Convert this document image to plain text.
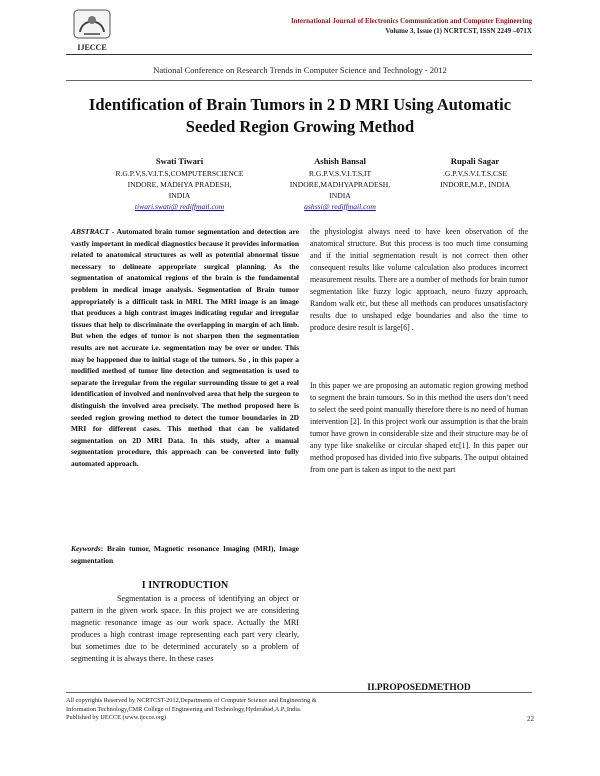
IJECCE
International Journal of Electronics Communication and Computer Engineering
Volume 3, Issue (1) NCRTCST, ISSN 2249 –071X
National Conference on Research Trends in Computer Science and Technology - 2012
Identification of Brain Tumors in 2 D MRI Using Automatic Seeded Region Growing Method
Swati Tiwari
R.G.P.V,S.V.I.T.S,COMPUTERSCIENCE
INDORE, MADHYA PRADESH,
INDIA
tiwari.swati@ rediffmail.com
Ashish Bansal
R.G.P.V,S.V.I.T.S,IT
INDORE,MADHYAPRADESH,
INDIA
ashssi@ rediffmail.com
Rupali Sagar
.G.P.V,S.V.I.T.S,CSE
INDORE,M.P., INDIA
ABSTRACT - Automated brain tumor segmentation and detection are vastly important in medical diagnostics because it provides information related to anatomical structures as well as potential abnormal tissue necessary to delineate appropriate surgical planning. As the segmentation of anatomical regions of the brain is the fundamental problem in medical image analysis. Segmentation of Brain tumor appropriately is a difficult task in MRI. The MRI image is an image that produces a high contrast images indicating regular and irregular tissues that help to discriminate the overlapping in margin of ach limb. But when the edges of tumor is not sharpen then the segmentation results are not accurate i.e. segmentation may be over or under. This may be happened due to initial stage of the tumors. So , in this paper a modified method of tumor line detection and segmentation is used to separate the irregular from the regular surrounding tissue to get a real identification of involved and noninvolved area that help the surgeon to distinguish the involved area precisely. The method proposed here is seeded region growing method to detect the tumor boundaries in 2D MRI for different cases. This method that can be validated segmentation on 2D MRI Data. In this study, after a manual segmentation procedure, this approach can be converted into fully automated approach.
Keywords: Brain tumor, Magnetic resonance Imaging (MRI), Image segmentation
I INTRODUCTION
Segmentation is a process of identifying an object or pattern in the given work space. In this project we are considering magnetic resonance image as our work space. Actually the MRI produces a high contrast image representing each part very clearly, but sometimes due to be determined accurately so a problem of segmenting it is always there. In these cases
the physiologist always need to have keen observation of the anatomical structure. But this process is too much time consuming and if the initial segmentation result is not correct then other consequent results like volume calculation also produces incorrect measurement results. There are a number of methods for brain tumor segmentation like fuzzy logic approach, neuro fuzzy approach, Random walk etc, but these all methods can produces unsatisfactory results due to unshaped edge boundaries and also the time to produce desire result is large[6] .
In this paper we are proposing an automatic region growing method to segment the brain tumours. So in this method the users don’t need to select the seed point manually therefore there is no need of human intervention [2]. In this project work our assumption is that the brain tumor have grown in considerable size and their structure may be of any type like snakelike or circular shaped etc[1]. In this paper our method proposed has divided into five subparts. The output obtained from one part is taken as input to the next part
II.PROPOSEDMETHOD
All copyrights Reserved by NCRTCST-2012,Departments of Computer Science and Engineering &
Information Technology,CMR College of Engineering and Technology,Hyderabad,A.P.,India.
Published by IJECCE (www.ijecce.org)	22
